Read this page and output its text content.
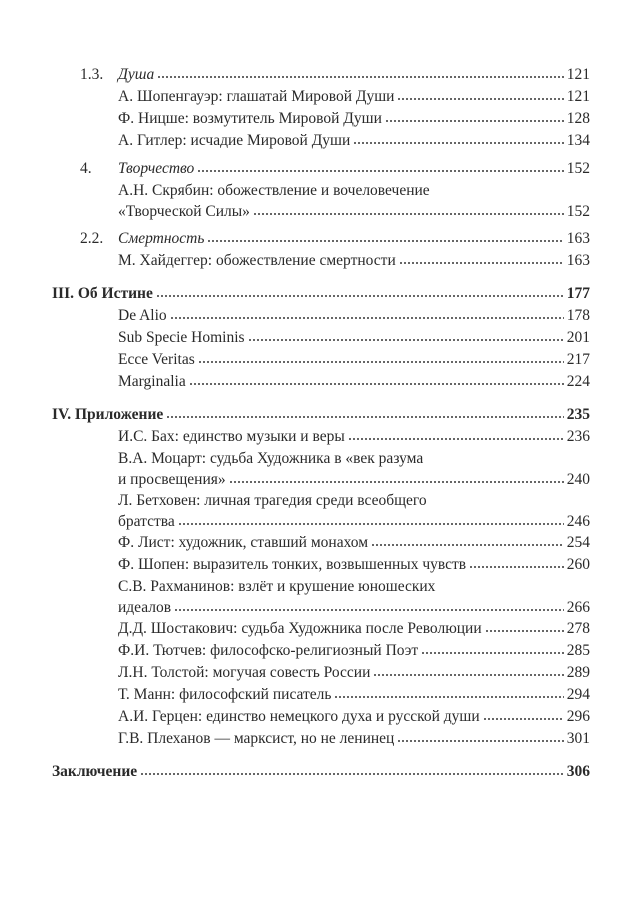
1.3. Душа	121
А. Шопенгауэр: глашатай Мировой Души	121
Ф. Ницше: возмутитель Мировой Души	128
А. Гитлер: исчадие Мировой Души	134
4.	Творчество	152
А.Н. Скрябин: обожествление и вочеловечение
«Творческой Силы»	152
2.2. Смертность	163
М. Хайдеггер: обожествление смертности	163
III. Об Истине	177
De Alio	178
Sub Specie Hominis	201
Ecce Veritas	217
Marginalia	224
IV. Приложение	235
И.С. Бах: единство музыки и веры	236
В.А. Моцарт: судьба Художника в «век разума
и просвещения»	240
Л. Бетховен: личная трагедия среди всеобщего
братства	246
Ф. Лист: художник, ставший монахом	254
Ф. Шопен: выразитель тонких, возвышенных чувств	260
С.В. Рахманинов: взлёт и крушение юношеских
идеалов	266
Д.Д. Шостакович: судьба Художника после Революции	278
Ф.И. Тютчев: философско-религиозный Поэт	285
Л.Н. Толстой: могучая совесть России	289
Т. Манн: философский писатель	294
А.И. Герцен: единство немецкого духа и русской души	296
Г.В. Плеханов — марксист, но не ленинец	301
Заключение	306
